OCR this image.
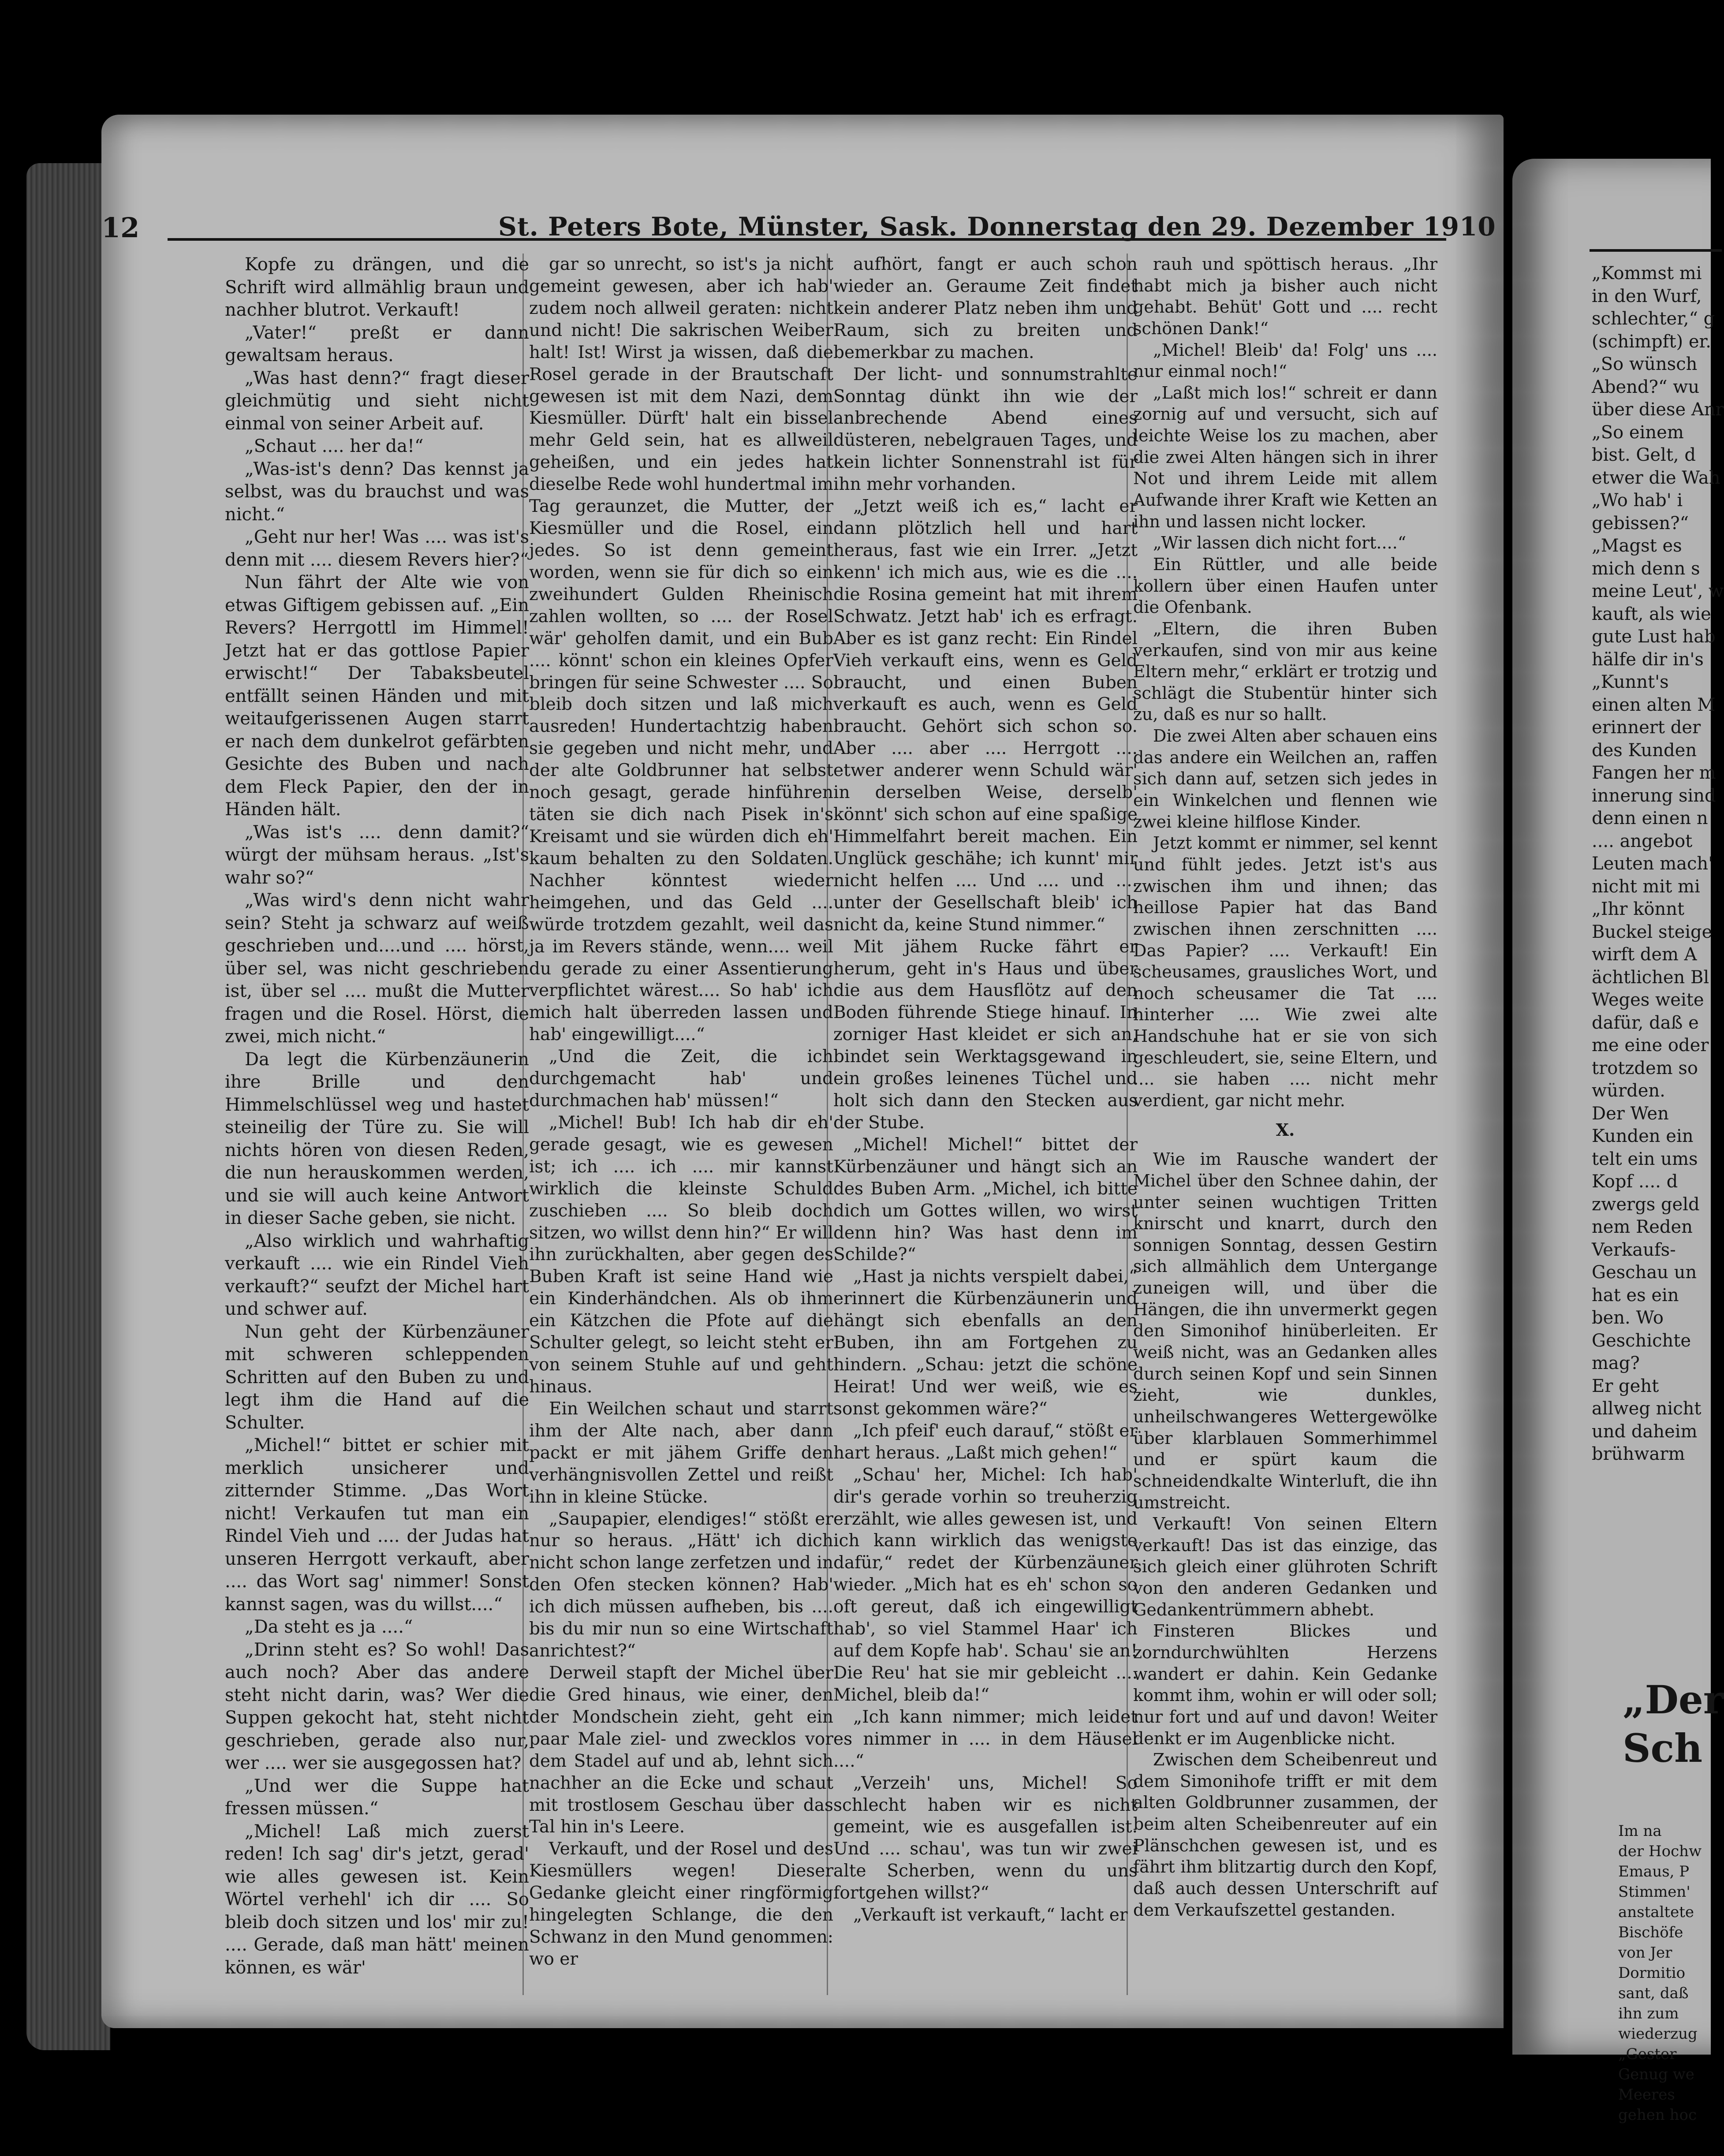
12	St. Peters Bote, Münster, Sask. Donnerstag den 29. Dezember 1910

Kopfe zu drängen, und die Schrift wird allmählig braun und nachher blutrot. Verkauft!

„Vater!“ preßt er dann gewaltsam heraus.

„Was hast denn?“ fragt dieser gleichmütig und sieht nicht einmal von seiner Arbeit auf.

„Schaut .... her da!“

„Was-ist's denn? Das kennst ja selbst, was du brauchst und was nicht.“

„Geht nur her! Was .... was ist's denn mit .... diesem Revers hier?“

Nun fährt der Alte wie von etwas Giftigem gebissen auf. „Ein Revers? Herrgottl im Himmel! Jetzt hat er das gottlose Papier erwischt!“ Der Tabaksbeutel entfällt seinen Händen und mit weitaufgerissenen Augen starrt er nach dem dunkelrot gefärbten Gesichte des Buben und nach dem Fleck Papier, den der in Händen hält.

„Was ist's .... denn damit?“ würgt der mühsam heraus. „Ist's wahr so?“

„Was wird's denn nicht wahr sein? Steht ja schwarz auf weiß geschrieben und....und .... hörst, über sel, was nicht geschrieben ist, über sel .... mußt die Mutter fragen und die Rosel. Hörst, die zwei, mich nicht.“

Da legt die Kürbenzäunerin ihre Brille und den Himmelschlüssel weg und hastet steineilig der Türe zu. Sie will nichts hören von diesen Reden, die nun herauskommen werden, und sie will auch keine Antwort in dieser Sache geben, sie nicht.

„Also wirklich und wahrhaftig verkauft .... wie ein Rindel Vieh verkauft?“ seufzt der Michel hart und schwer auf.

Nun geht der Kürbenzäuner mit schweren schleppenden Schritten auf den Buben zu und legt ihm die Hand auf die Schulter.

„Michel!“ bittet er schier mit merklich unsicherer und zitternder Stimme. „Das Wort nicht! Verkaufen tut man ein Rindel Vieh und .... der Judas hat unseren Herrgott verkauft, aber .... das Wort sag' nimmer! Sonst kannst sagen, was du willst....“

„Da steht es ja ....“

„Drinn steht es? So wohl! Das auch noch? Aber das andere steht nicht darin, was? Wer die Suppen gekocht hat, steht nicht geschrieben, gerade also nur, wer .... wer sie ausgegossen hat?

„Und wer die Suppe hat fressen müssen.“

„Michel! Laß mich zuerst reden! Ich sag' dir's jetzt, gerad' wie alles gewesen ist. Kein Wörtel verhehl' ich dir .... So bleib doch sitzen und los' mir zu! .... Gerade, daß man hätt' meinen können, es wär'

gar so unrecht, so ist's ja nicht gemeint gewesen, aber ich hab' zudem noch allweil geraten: nicht und nicht! Die sakrischen Weiber halt! Ist! Wirst ja wissen, daß die Rosel gerade in der Brautschaft gewesen ist mit dem Nazi, dem Kiesmüller. Dürft' halt ein bissel mehr Geld sein, hat es allweil geheißen, und ein jedes hat dieselbe Rede wohl hundertmal im Tag geraunzet, die Mutter, der Kiesmüller und die Rosel, ein jedes. So ist denn gemeint worden, wenn sie für dich so ein zweihundert Gulden Rheinisch zahlen wollten, so .... der Rosel wär' geholfen damit, und ein Bub .... könnt' schon ein kleines Opfer bringen für seine Schwester .... So bleib doch sitzen und laß mich ausreden! Hundertachtzig haben sie gegeben und nicht mehr, und der alte Goldbrunner hat selbst noch gesagt, gerade hinführen täten sie dich nach Pisek in's Kreisamt und sie würden dich eh' kaum behalten zu den Soldaten. Nachher könntest wieder heimgehen, und das Geld .... würde trotzdem gezahlt, weil das ja im Revers stände, wenn.... weil du gerade zu einer Assentierung verpflichtet wärest.... So hab' ich mich halt überreden lassen und hab' eingewilligt....“

„Und die Zeit, die ich durchgemacht hab' und durchmachen hab' müssen!“

„Michel! Bub! Ich hab dir eh' gerade gesagt, wie es gewesen ist; ich .... ich .... mir kannst wirklich die kleinste Schuld zuschieben .... So bleib doch sitzen, wo willst denn hin?“ Er will ihn zurückhalten, aber gegen des Buben Kraft ist seine Hand wie ein Kinderhändchen. Als ob ihm ein Kätzchen die Pfote auf die Schulter gelegt, so leicht steht er von seinem Stuhle auf und geht hinaus.

Ein Weilchen schaut und starrt ihm der Alte nach, aber dann packt er mit jähem Griffe den verhängnisvollen Zettel und reißt ihn in kleine Stücke.

„Saupapier, elendiges!“ stößt er nur so heraus. „Hätt' ich dich nicht schon lange zerfetzen und in den Ofen stecken können? Hab' ich dich müssen aufheben, bis .... bis du mir nun so eine Wirtschaft anrichtest?“

Derweil stapft der Michel über die Gred hinaus, wie einer, den der Mondschein zieht, geht ein paar Male ziel- und zwecklos vor dem Stadel auf und ab, lehnt sich nachher an die Ecke und schaut mit trostlosem Geschau über das Tal hin in's Leere.

Verkauft, und der Rosel und des Kiesmüllers wegen! Dieser Gedanke gleicht einer ringförmig hingelegten Schlange, die den Schwanz in den Mund genommen: wo er

aufhört, fangt er auch schon wieder an. Geraume Zeit findet kein anderer Platz neben ihm und Raum, sich zu breiten und bemerkbar zu machen.

Der licht- und sonnumstrahlte Sonntag dünkt ihn wie der anbrechende Abend eines düsteren, nebelgrauen Tages, und kein lichter Sonnenstrahl ist für ihn mehr vorhanden.

„Jetzt weiß ich es,“ lacht er dann plötzlich hell und hart heraus, fast wie ein Irrer. „Jetzt kenn' ich mich aus, wie es die .... die Rosina gemeint hat mit ihrem Schwatz. Jetzt hab' ich es erfragt. Aber es ist ganz recht: Ein Rindel Vieh verkauft eins, wenn es Geld braucht, und einen Buben verkauft es auch, wenn es Geld braucht. Gehört sich schon so. Aber .... aber .... Herrgott .... etwer anderer wenn Schuld wär' in derselben Weise, derselb' könnt' sich schon auf eine spaßige Himmelfahrt bereit machen. Ein Unglück geschähe; ich kunnt' mir nicht helfen .... Und .... und .... unter der Gesellschaft bleib' ich nicht da, keine Stund nimmer.“

Mit jähem Rucke fährt er herum, geht in's Haus und über die aus dem Hausflötz auf den Boden führende Stiege hinauf. In zorniger Hast kleidet er sich an, bindet sein Werktagsgewand in ein großes leinenes Tüchel und holt sich dann den Stecken aus der Stube.

„Michel! Michel!“ bittet der Kürbenzäuner und hängt sich an des Buben Arm. „Michel, ich bitte dich um Gottes willen, wo wirst denn hin? Was hast denn im Schilde?“

„Hast ja nichts verspielt dabei,“ erinnert die Kürbenzäunerin und hängt sich ebenfalls an den Buben, ihn am Fortgehen zu hindern. „Schau: jetzt die schöne Heirat! Und wer weiß, wie es sonst gekommen wäre?“

„Ich pfeif' euch darauf,“ stößt er hart heraus. „Laßt mich gehen!“

„Schau' her, Michel: Ich hab' dir's gerade vorhin so treuherzig erzählt, wie alles gewesen ist, und ich kann wirklich das wenigste dafür,“ redet der Kürbenzäuner wieder. „Mich hat es eh' schon so oft gereut, daß ich eingewilligt hab', so viel Stammel Haar' ich auf dem Kopfe hab'. Schau' sie an! Die Reu' hat sie mir gebleicht .... Michel, bleib da!“

„Ich kann nimmer; mich leidet es nimmer in .... in dem Häusel ....“

„Verzeih' uns, Michel! So schlecht haben wir es nicht gemeint, wie es ausgefallen ist. Und .... schau', was tun wir zwei alte Scherben, wenn du uns fortgehen willst?“

„Verkauft ist verkauft,“ lacht er

rauh und spöttisch heraus. „Ihr habt mich ja bisher auch nicht gehabt. Behüt' Gott und .... recht schönen Dank!“

„Michel! Bleib' da! Folg' uns .... nur einmal noch!“

„Laßt mich los!“ schreit er dann zornig auf und versucht, sich auf leichte Weise los zu machen, aber die zwei Alten hängen sich in ihrer Not und ihrem Leide mit allem Aufwande ihrer Kraft wie Ketten an ihn und lassen nicht locker.

„Wir lassen dich nicht fort....“

Ein Rüttler, und alle beide kollern über einen Haufen unter die Ofenbank.

„Eltern, die ihren Buben verkaufen, sind von mir aus keine Eltern mehr,“ erklärt er trotzig und schlägt die Stubentür hinter sich zu, daß es nur so hallt.

Die zwei Alten aber schauen eins das andere ein Weilchen an, raffen sich dann auf, setzen sich jedes in ein Winkelchen und flennen wie zwei kleine hilflose Kinder.

Jetzt kommt er nimmer, sel kennt und fühlt jedes. Jetzt ist's aus zwischen ihm und ihnen; das heillose Papier hat das Band zwischen ihnen zerschnitten .... Das Papier? .... Verkauft! Ein scheusames, grausliches Wort, und noch scheusamer die Tat .... hinterher .... Wie zwei alte Handschuhe hat er sie von sich geschleudert, sie, seine Eltern, und .... sie haben .... nicht mehr verdient, gar nicht mehr.

X.

Wie im Rausche wandert der Michel über den Schnee dahin, der unter seinen wuchtigen Tritten knirscht und knarrt, durch den sonnigen Sonntag, dessen Gestirn sich allmählich dem Untergange zuneigen will, und über die Hängen, die ihn unvermerkt gegen den Simonihof hinüberleiten. Er weiß nicht, was an Gedanken alles durch seinen Kopf und sein Sinnen zieht, wie dunkles, unheilschwangeres Wettergewölke über klarblauen Sommerhimmel und er spürt kaum die schneidendkalte Winterluft, die ihn umstreicht.

Verkauft! Von seinen Eltern verkauft! Das ist das einzige, das sich gleich einer glühroten Schrift von den anderen Gedanken und Gedankentrümmern abhebt.

Finsteren Blickes und zorndurchwühlten Herzens wandert er dahin. Kein Gedanke kommt ihm, wohin er will oder soll; nur fort und auf und davon! Weiter denkt er im Augenblicke nicht.

Zwischen dem Scheibenreut und dem Simonihofe trifft er mit dem alten Goldbrunner zusammen, der beim alten Scheibenreuter auf ein Plänschchen gewesen ist, und es fährt ihm blitzartig durch den Kopf, daß auch dessen Unterschrift auf dem Verkaufszettel gestanden.

„Kommst mi
in den Wurf,
schlechter,“ g
(schimpft) er.
„So wünsch
Abend?“ wu
über diese Anr
„So einem
bist. Gelt, d
etwer die Wah
„Wo hab' i
gebissen?“
„Magst es
mich denn s
meine Leut', w
kauft, als wie
gute Lust hab
hälfe dir in's
„Kunnt's
einen alten M
erinnert der
des Kunden
Fangen her m
innerung sind
denn einen n
.... angebot
Leuten mach'
nicht mit mi
„Ihr könnt
Buckel steige
wirft dem A
ächtlichen Bl
Weges weite
dafür, daß e
me eine oder
trotzdem so
würden.
Der Wen
Kunden ein
telt ein ums
Kopf .... d
zwergs geld
nem Reden
Verkaufs-
Geschau un
hat es ein
ben. Wo
Geschichte
mag?
Er geht
allweg nicht
und daheim
brühwarm
„Der
Sch
Im na
der Hochw
Emaus, P
Stimmen'
anstaltete
Bischöfe
von Jer
Dormitio
sant, daß
ihn zum
wiederzug
„Gester
Genug we
Meeres
gehen hoc
